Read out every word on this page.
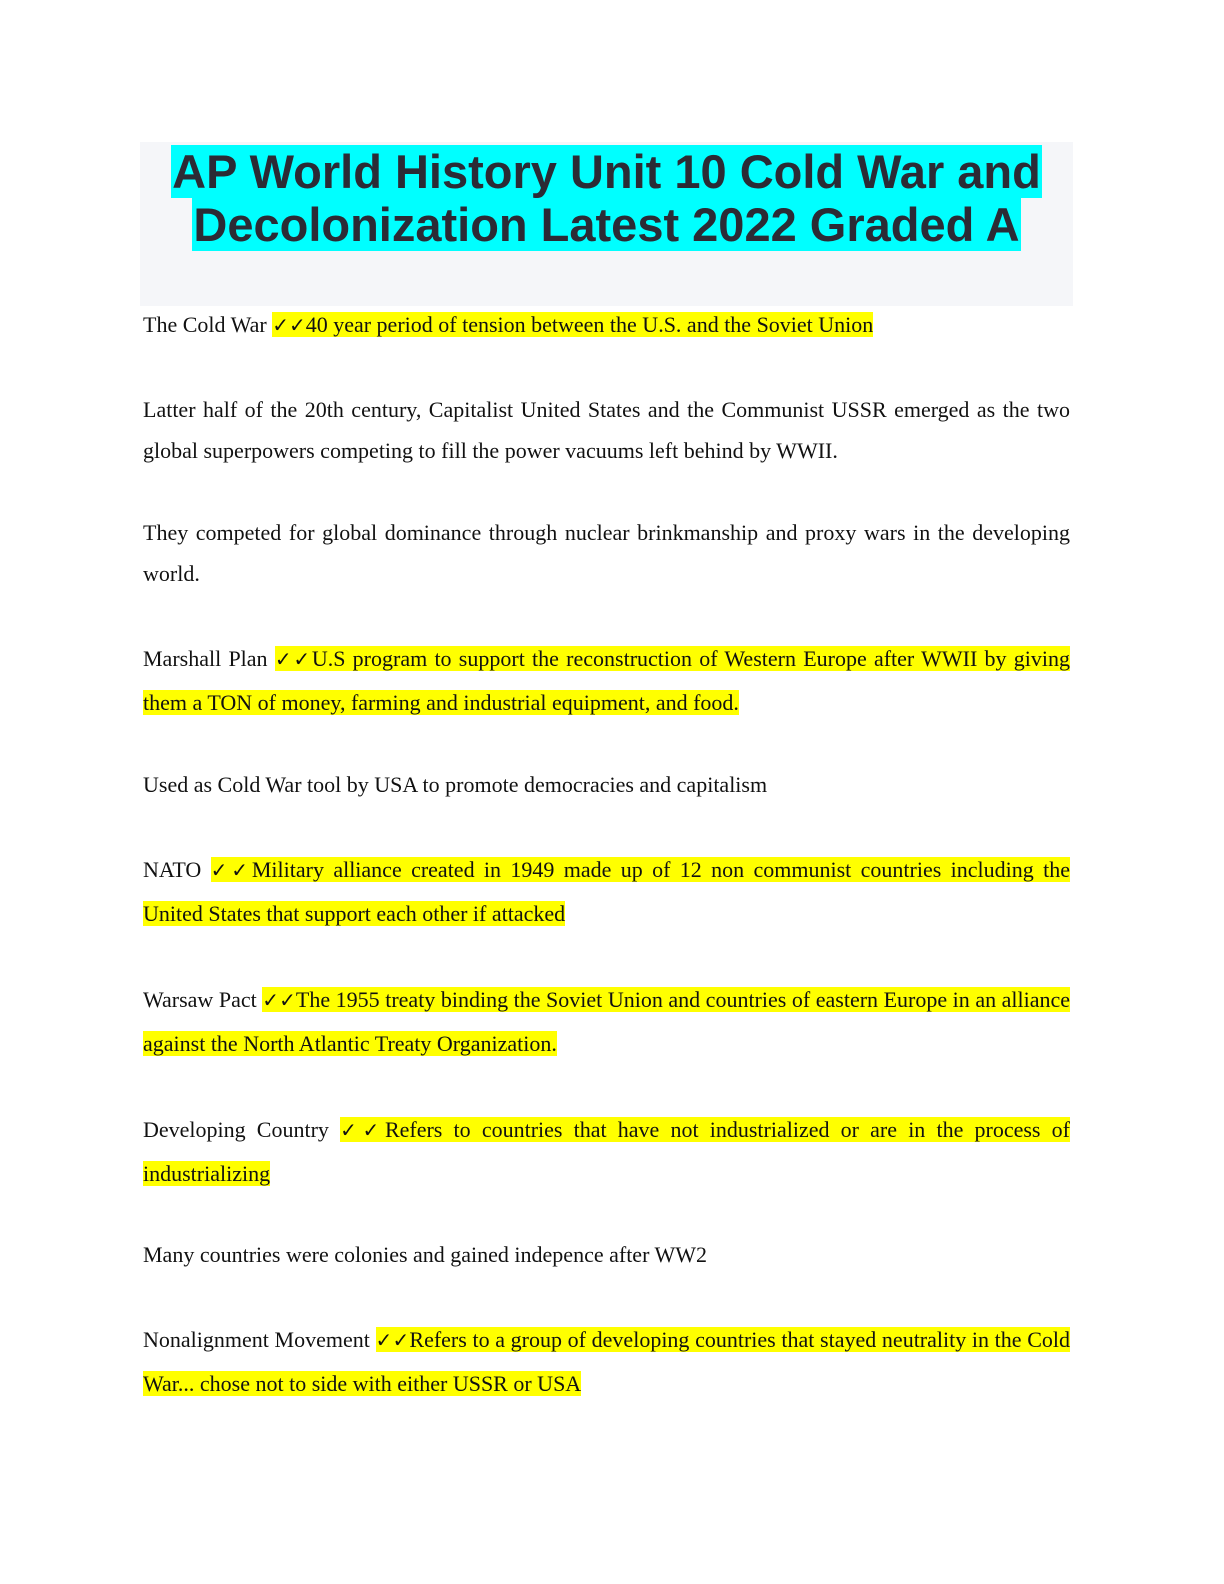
AP World History Unit 10 Cold War and
Decolonization Latest 2022 Graded A

The Cold War ✓✓40 year period of tension between the U.S. and the Soviet Union

Latter half of the 20th century, Capitalist United States and the Communist USSR emerged as the two global superpowers competing to fill the power vacuums left behind by WWII.

They competed for global dominance through nuclear brinkmanship and proxy wars in the developing world.

Marshall Plan ✓✓U.S program to support the reconstruction of Western Europe after WWII by giving them a TON of money, farming and industrial equipment, and food.

Used as Cold War tool by USA to promote democracies and capitalism

NATO ✓✓Military alliance created in 1949 made up of 12 non communist countries including the United States that support each other if attacked

Warsaw Pact ✓✓The 1955 treaty binding the Soviet Union and countries of eastern Europe in an alliance against the North Atlantic Treaty Organization.

Developing Country ✓✓Refers to countries that have not industrialized or are in the process of industrializing

Many countries were colonies and gained indepence after WW2

Nonalignment Movement ✓✓Refers to a group of developing countries that stayed neutrality in the Cold War... chose not to side with either USSR or USA
